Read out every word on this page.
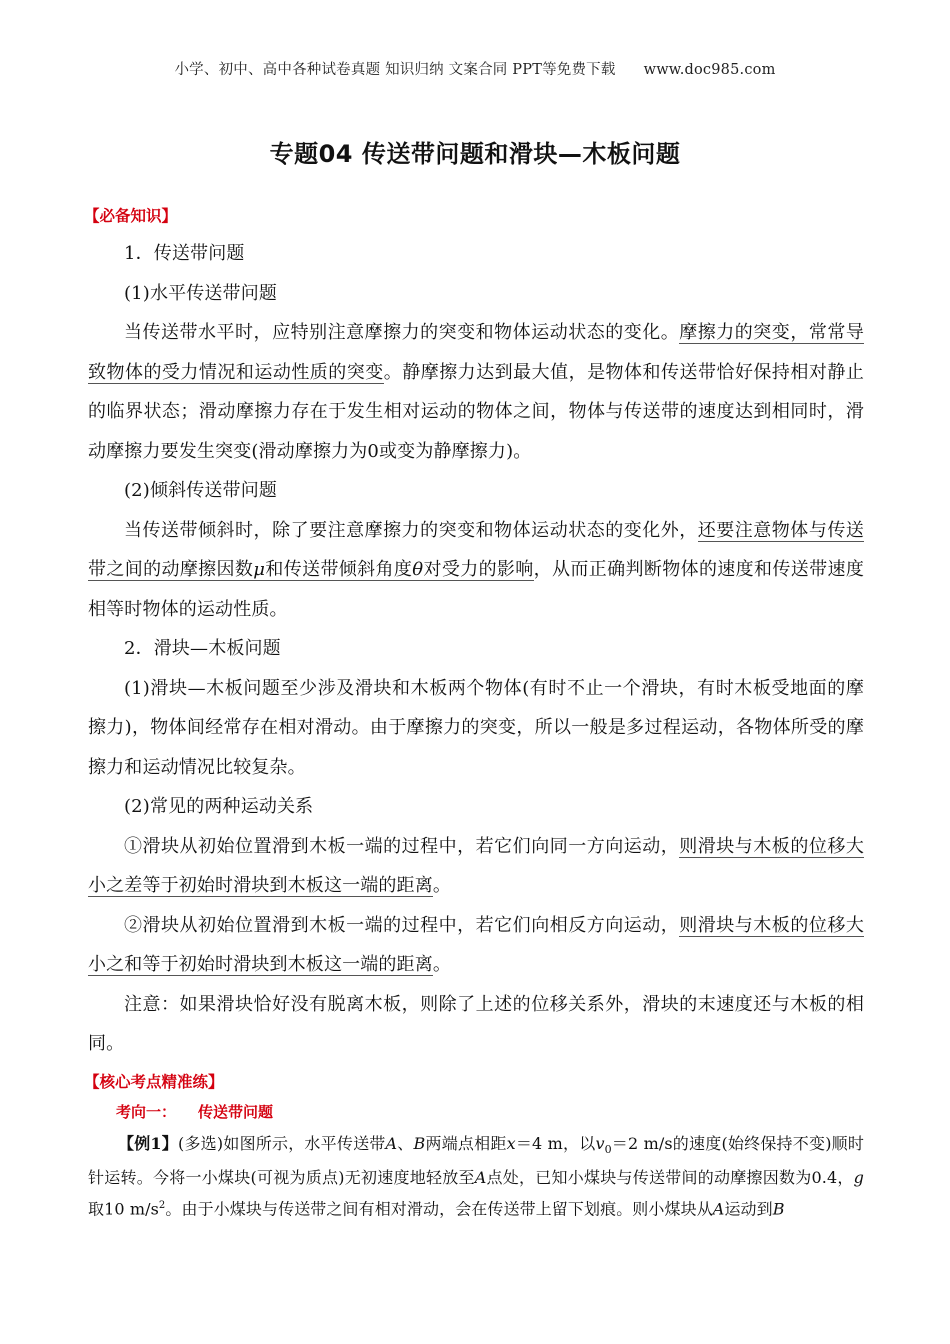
小学、初中、高中各种试卷真题 知识归纳 文案合同 PPT等免费下载 www.doc985.com
专题04 传送带问题和滑块—木板问题
【必备知识】

1．传送带问题

(1)水平传送带问题

当传送带水平时，应特别注意摩擦力的突变和物体运动状态的变化。摩擦力的突变，常常导致物体的受力情况和运动性质的突变。静摩擦力达到最大值，是物体和传送带恰好保持相对静止的临界状态；滑动摩擦力存在于发生相对运动的物体之间，物体与传送带的速度达到相同时，滑动摩擦力要发生突变(滑动摩擦力为0或变为静摩擦力)。

(2)倾斜传送带问题

当传送带倾斜时，除了要注意摩擦力的突变和物体运动状态的变化外，还要注意物体与传送带之间的动摩擦因数μ和传送带倾斜角度θ对受力的影响，从而正确判断物体的速度和传送带速度相等时物体的运动性质。

2．滑块—木板问题

(1)滑块—木板问题至少涉及滑块和木板两个物体(有时不止一个滑块，有时木板受地面的摩擦力)，物体间经常存在相对滑动。由于摩擦力的突变，所以一般是多过程运动，各物体所受的摩擦力和运动情况比较复杂。

(2)常见的两种运动关系

①滑块从初始位置滑到木板一端的过程中，若它们向同一方向运动，则滑块与木板的位移大小之差等于初始时滑块到木板这一端的距离。

②滑块从初始位置滑到木板一端的过程中，若它们向相反方向运动，则滑块与木板的位移大小之和等于初始时滑块到木板这一端的距离。

注意：如果滑块恰好没有脱离木板，则除了上述的位移关系外，滑块的末速度还与木板的相同。

【核心考点精准练】
考向一： 传送带问题

【例1】(多选)如图所示，水平传送带A、B两端点相距x＝4 m，以$v_0=2$ m/s的速度(始终保持不变)顺时针运转。今将一小煤块(可视为质点)无初速度地轻放至A点处，已知小煤块与传送带间的动摩擦因数为0.4，g取10 $m/s^2$。由于小煤块与传送带之间有相对滑动，会在传送带上留下划痕。则小煤块从A运动到B
